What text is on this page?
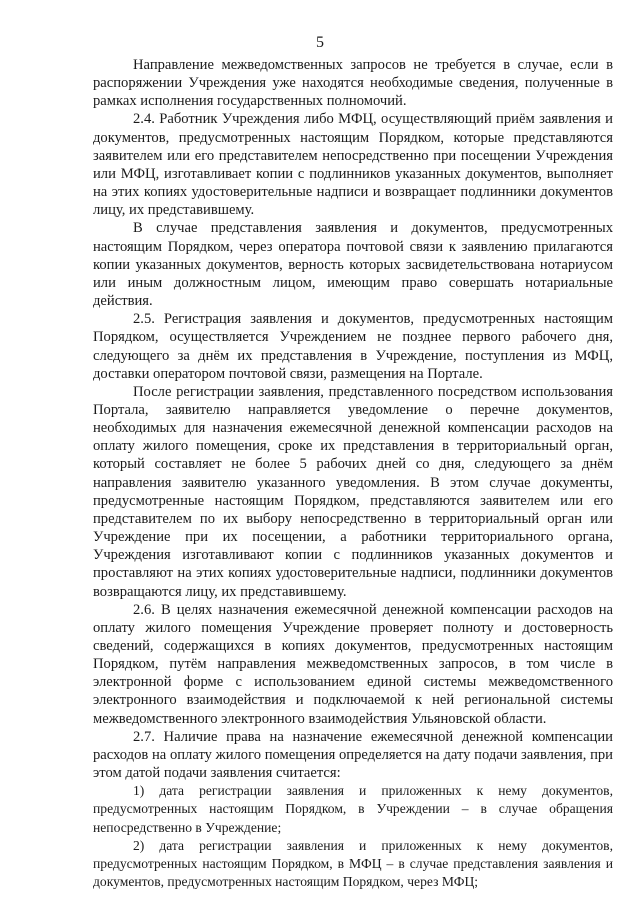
5

Направление межведомственных запросов не требуется в случае, если в распоряжении Учреждения уже находятся необходимые сведения, полученные в рамках исполнения государственных полномочий.

2.4. Работник Учреждения либо МФЦ, осуществляющий приём заявления и документов, предусмотренных настоящим Порядком, которые представляются заявителем или его представителем непосредственно при посещении Учреждения или МФЦ, изготавливает копии с подлинников указанных документов, выполняет на этих копиях удостоверительные надписи и возвращает подлинники документов лицу, их представившему.

В случае представления заявления и документов, предусмотренных настоящим Порядком, через оператора почтовой связи к заявлению прилагаются копии указанных документов, верность которых засвидетельствована нотариусом или иным должностным лицом, имеющим право совершать нотариальные действия.

2.5. Регистрация заявления и документов, предусмотренных настоящим Порядком, осуществляется Учреждением не позднее первого рабочего дня, следующего за днём их представления в Учреждение, поступления из МФЦ, доставки оператором почтовой связи, размещения на Портале.

После регистрации заявления, представленного посредством использования Портала, заявителю направляется уведомление о перечне документов, необходимых для назначения ежемесячной денежной компенсации расходов на оплату жилого помещения, сроке их представления в территориальный орган, который составляет не более 5 рабочих дней со дня, следующего за днём направления заявителю указанного уведомления. В этом случае документы, предусмотренные настоящим Порядком, представляются заявителем или его представителем по их выбору непосредственно в территориальный орган или Учреждение при их посещении, а работники территориального органа, Учреждения изготавливают копии с подлинников указанных документов и проставляют на этих копиях удостоверительные надписи, подлинники документов возвращаются лицу, их представившему.

2.6. В целях назначения ежемесячной денежной компенсации расходов на оплату жилого помещения Учреждение проверяет полноту и достоверность сведений, содержащихся в копиях документов, предусмотренных настоящим Порядком, путём направления межведомственных запросов, в том числе в электронной форме с использованием единой системы межведомственного электронного взаимодействия и подключаемой к ней региональной системы межведомственного электронного взаимодействия Ульяновской области.

2.7. Наличие права на назначение ежемесячной денежной компенсации расходов на оплату жилого помещения определяется на дату подачи заявления, при этом датой подачи заявления считается:

1) дата регистрации заявления и приложенных к нему документов, предусмотренных настоящим Порядком, в Учреждении – в случае обращения непосредственно в Учреждение;

2) дата регистрации заявления и приложенных к нему документов, предусмотренных настоящим Порядком, в МФЦ – в случае представления заявления и документов, предусмотренных настоящим Порядком, через МФЦ;
